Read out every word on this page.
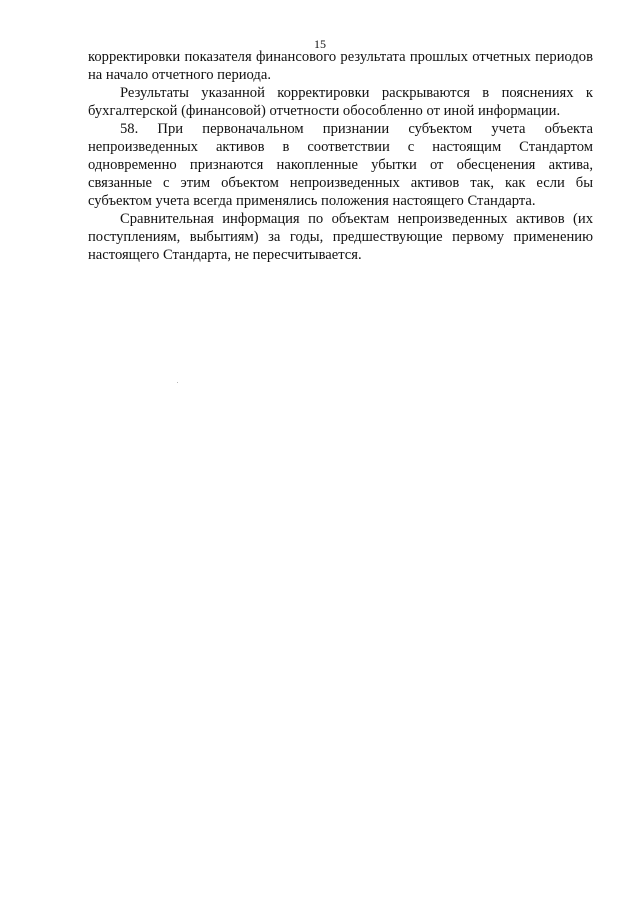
15

корректировки показателя финансового результата прошлых отчетных периодов на начало отчетного периода.

Результаты указанной корректировки раскрываются в пояснениях к бухгалтерской (финансовой) отчетности обособленно от иной информации.

58. При первоначальном признании субъектом учета объекта непроизведенных активов в соответствии с настоящим Стандартом одновременно признаются накопленные убытки от обесценения актива, связанные с этим объектом непроизведенных активов так, как если бы субъектом учета всегда применялись положения настоящего Стандарта.

Сравнительная информация по объектам непроизведенных активов (их поступлениям, выбытиям) за годы, предшествующие первому применению настоящего Стандарта, не пересчитывается.
